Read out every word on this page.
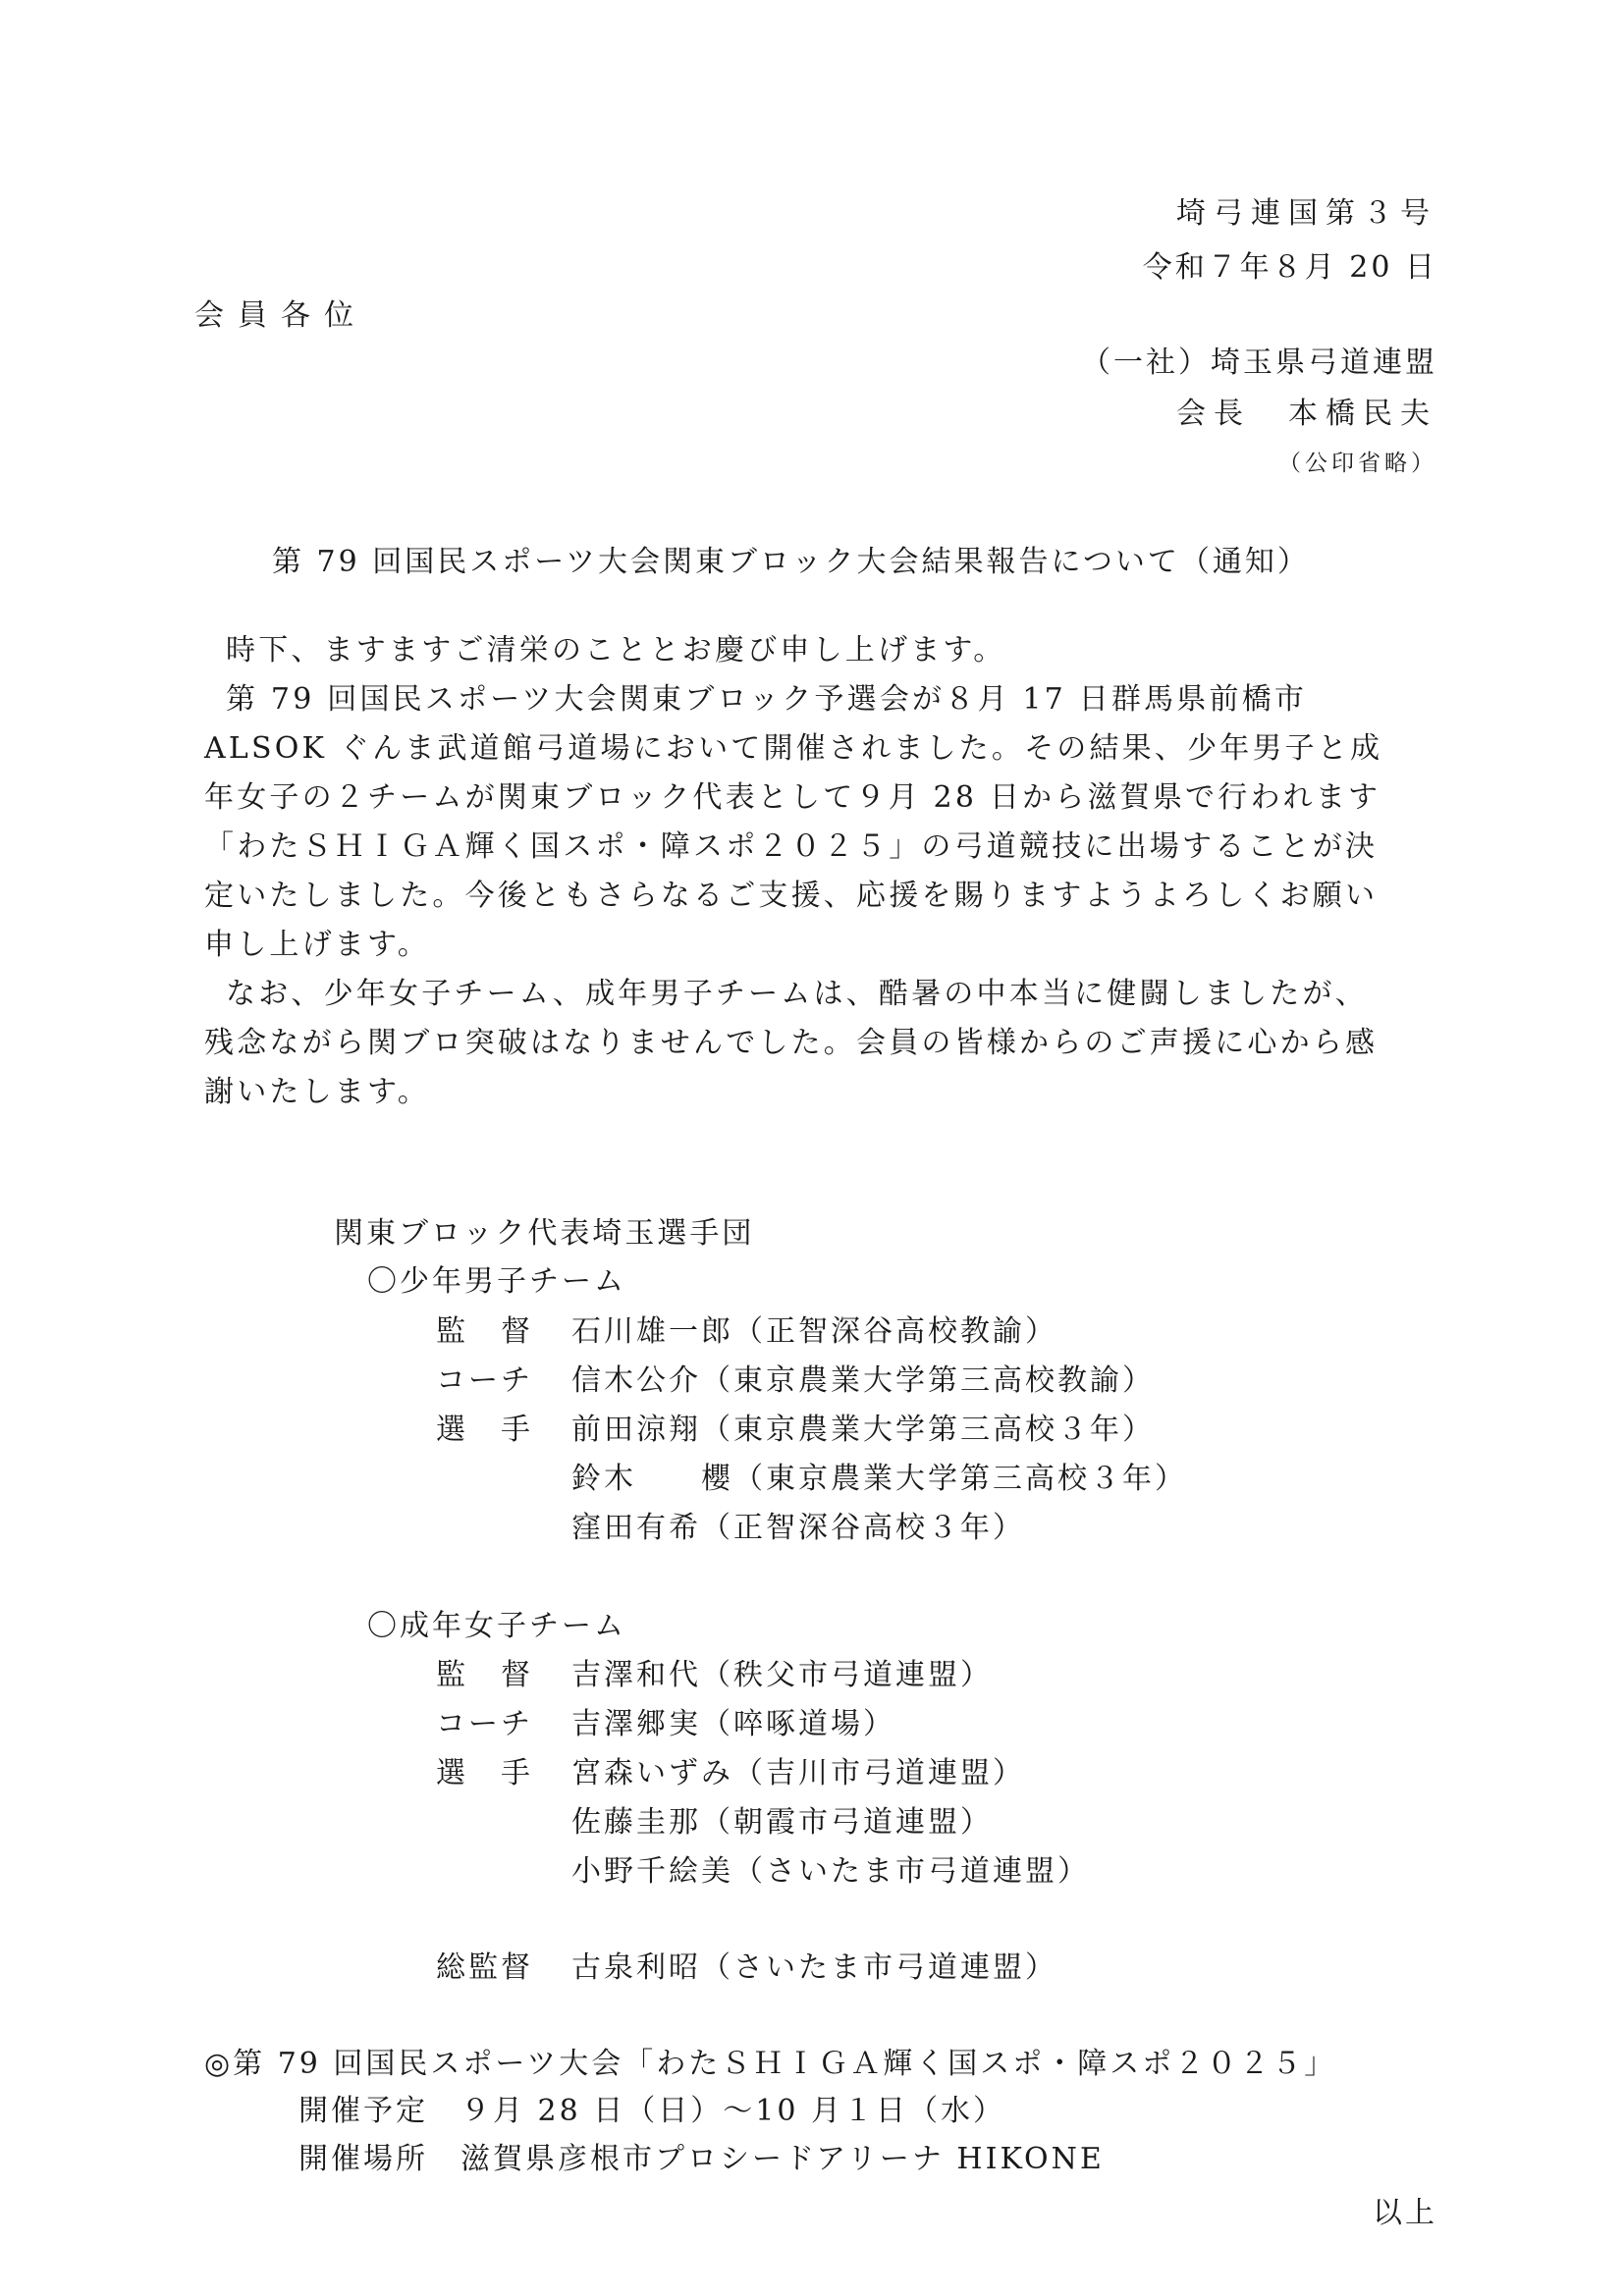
埼弓連国第３号
令和７年８月 20 日
会員各位
（一社）埼玉県弓道連盟
会長　本橋民夫
（公印省略）
第 79 回国民スポーツ大会関東ブロック大会結果報告について（通知）
時下、ますますご清栄のこととお慶び申し上げます。
第 79 回国民スポーツ大会関東ブロック予選会が８月 17 日群馬県前橋市
ALSOK ぐんま武道館弓道場において開催されました。その結果、少年男子と成
年女子の２チームが関東ブロック代表として９月 28 日から滋賀県で行われます
「わたＳＨＩＧＡ輝く国スポ・障スポ２０２５」の弓道競技に出場することが決
定いたしました。今後ともさらなるご支援、応援を賜りますようよろしくお願い
申し上げます。
なお、少年女子チーム、成年男子チームは、酷暑の中本当に健闘しましたが、
残念ながら関ブロ突破はなりませんでした。会員の皆様からのご声援に心から感
謝いたします。
関東ブロック代表埼玉選手団
〇少年男子チーム
監　督 石川雄一郎（正智深谷高校教諭）
コーチ 信木公介（東京農業大学第三高校教諭）
選　手 前田涼翔（東京農業大学第三高校３年）
鈴木　　櫻（東京農業大学第三高校３年）
窪田有希（正智深谷高校３年）
〇成年女子チーム
監　督 吉澤和代（秩父市弓道連盟）
コーチ 吉澤郷実（啐啄道場）
選　手 宮森いずみ（吉川市弓道連盟）
佐藤圭那（朝霞市弓道連盟）
小野千絵美（さいたま市弓道連盟）
総監督 古泉利昭（さいたま市弓道連盟）
◎第 79 回国民スポーツ大会「わたＳＨＩＧＡ輝く国スポ・障スポ２０２５」
開催予定　９月 28 日（日）～10 月１日（水）
開催場所　滋賀県彦根市プロシードアリーナ HIKONE
以上
